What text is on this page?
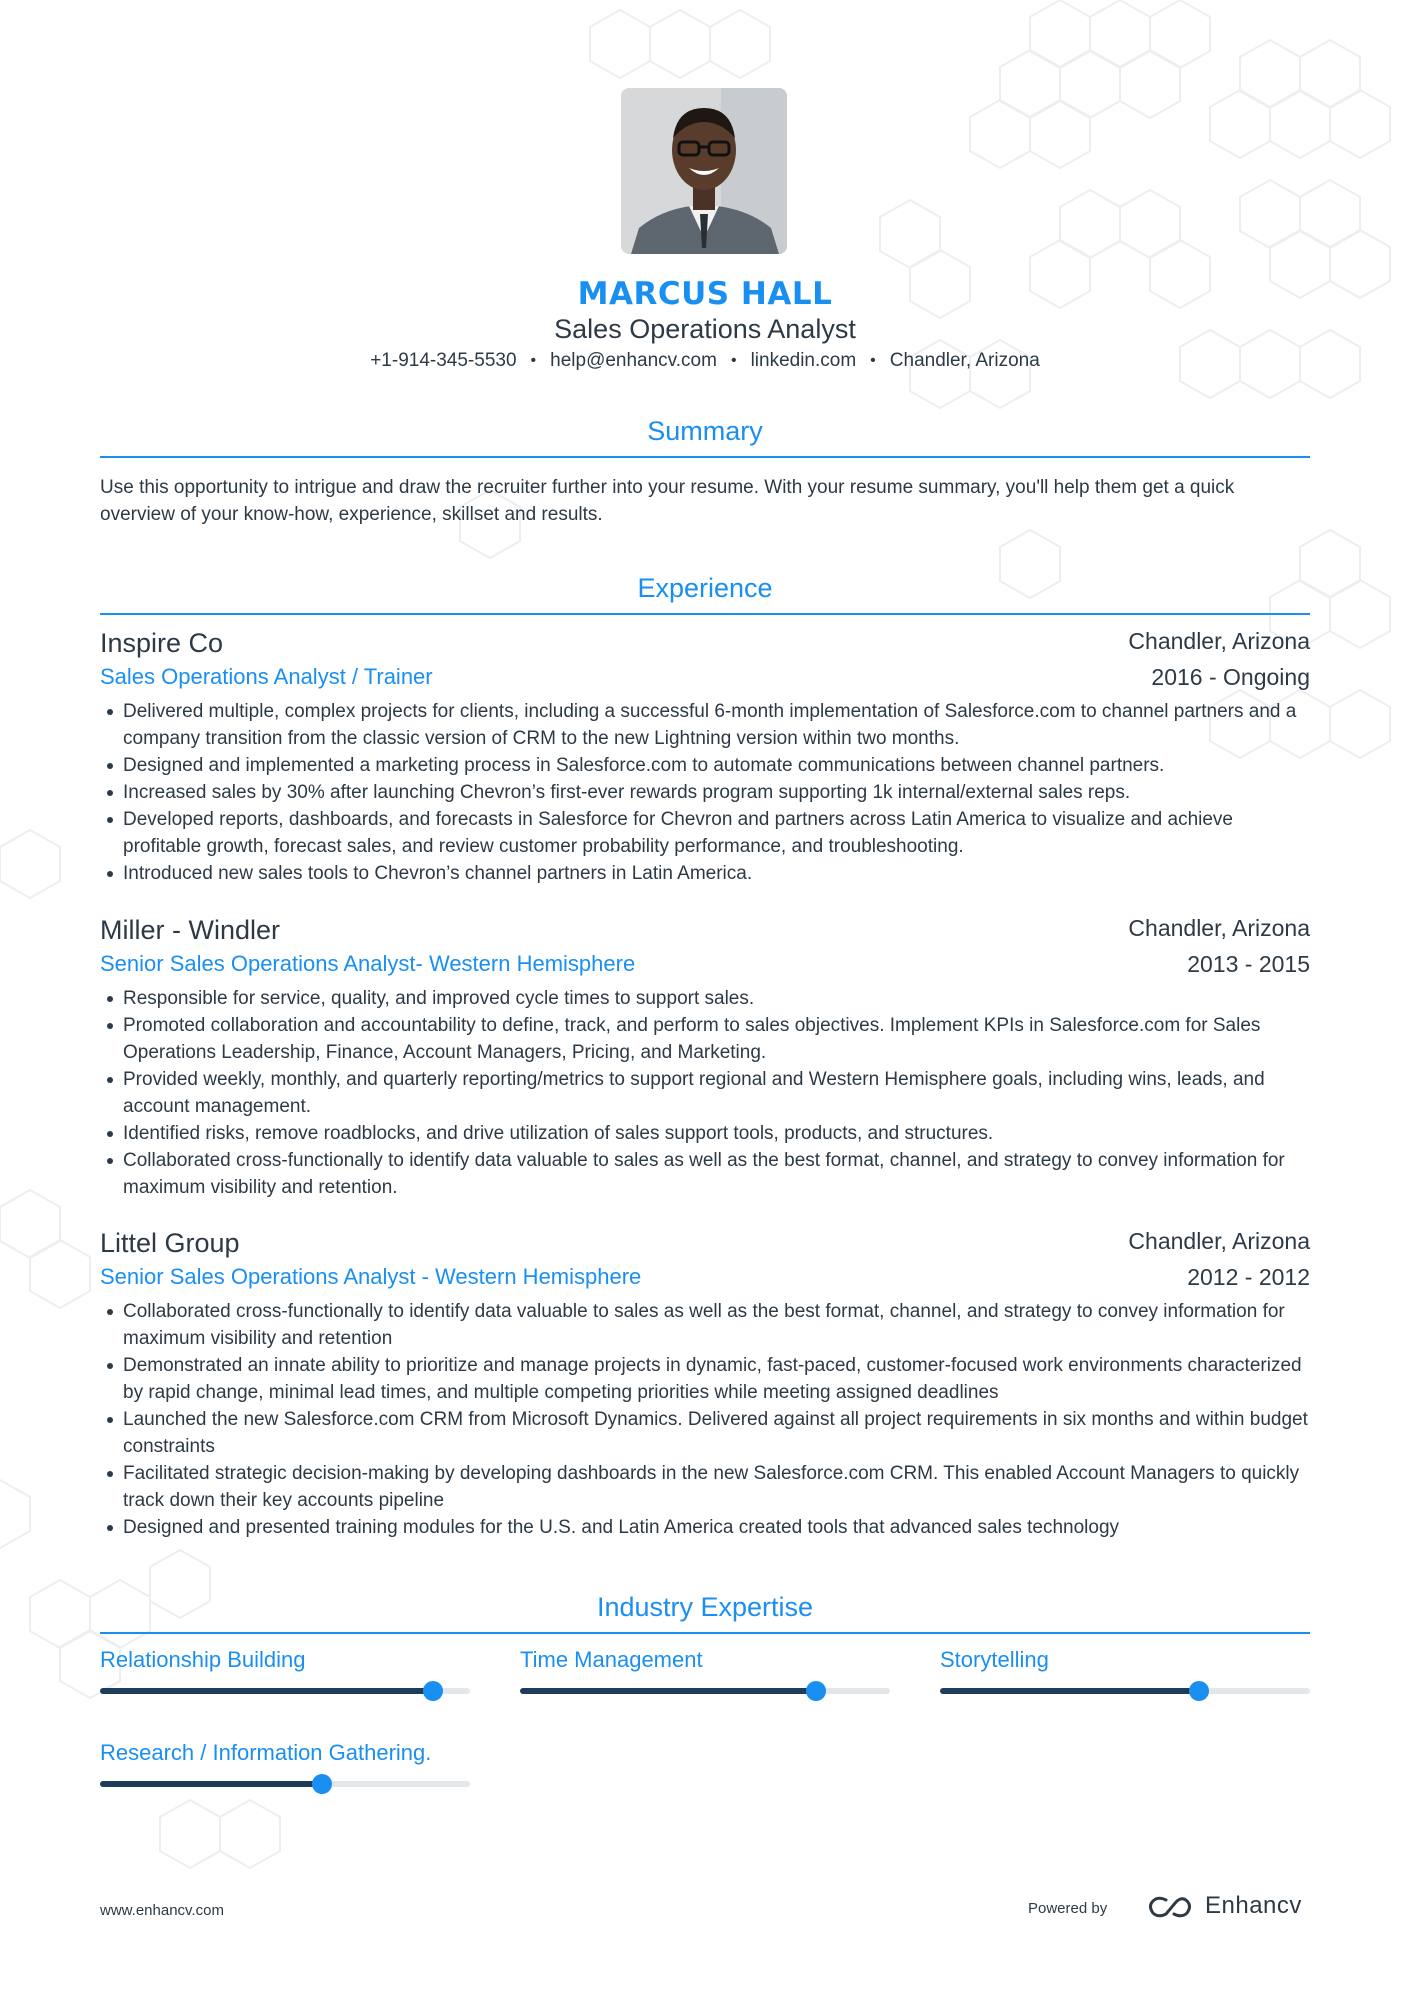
MARCUS HALL
Sales Operations Analyst
+1-914-345-5530 • help@enhancv.com • linkedin.com • Chandler, Arizona
Summary
Use this opportunity to intrigue and draw the recruiter further into your resume. With your resume summary, you'll help them get a quick overview of your know-how, experience, skillset and results.
Experience
Inspire Co	Chandler, Arizona
Sales Operations Analyst / Trainer	2016 - Ongoing
Delivered multiple, complex projects for clients, including a successful 6-month implementation of Salesforce.com to channel partners and a company transition from the classic version of CRM to the new Lightning version within two months.
Designed and implemented a marketing process in Salesforce.com to automate communications between channel partners.
Increased sales by 30% after launching Chevron’s first-ever rewards program supporting 1k internal/external sales reps.
Developed reports, dashboards, and forecasts in Salesforce for Chevron and partners across Latin America to visualize and achieve profitable growth, forecast sales, and review customer probability performance, and troubleshooting.
Introduced new sales tools to Chevron’s channel partners in Latin America.
Miller - Windler	Chandler, Arizona
Senior Sales Operations Analyst- Western Hemisphere	2013 - 2015
Responsible for service, quality, and improved cycle times to support sales.
Promoted collaboration and accountability to define, track, and perform to sales objectives. Implement KPIs in Salesforce.com for Sales Operations Leadership, Finance, Account Managers, Pricing, and Marketing.
Provided weekly, monthly, and quarterly reporting/metrics to support regional and Western Hemisphere goals, including wins, leads, and account management.
Identified risks, remove roadblocks, and drive utilization of sales support tools, products, and structures.
Collaborated cross-functionally to identify data valuable to sales as well as the best format, channel, and strategy to convey information for maximum visibility and retention.
Littel Group	Chandler, Arizona
Senior Sales Operations Analyst - Western Hemisphere	2012 - 2012
Collaborated cross-functionally to identify data valuable to sales as well as the best format, channel, and strategy to convey information for maximum visibility and retention
Demonstrated an innate ability to prioritize and manage projects in dynamic, fast-paced, customer-focused work environments characterized by rapid change, minimal lead times, and multiple competing priorities while meeting assigned deadlines
Launched the new Salesforce.com CRM from Microsoft Dynamics. Delivered against all project requirements in six months and within budget constraints
Facilitated strategic decision-making by developing dashboards in the new Salesforce.com CRM. This enabled Account Managers to quickly track down their key accounts pipeline
Designed and presented training modules for the U.S. and Latin America created tools that advanced sales technology
Industry Expertise
Relationship Building	Time Management	Storytelling
Research / Information Gathering.
www.enhancv.com	Powered by	Enhancv
